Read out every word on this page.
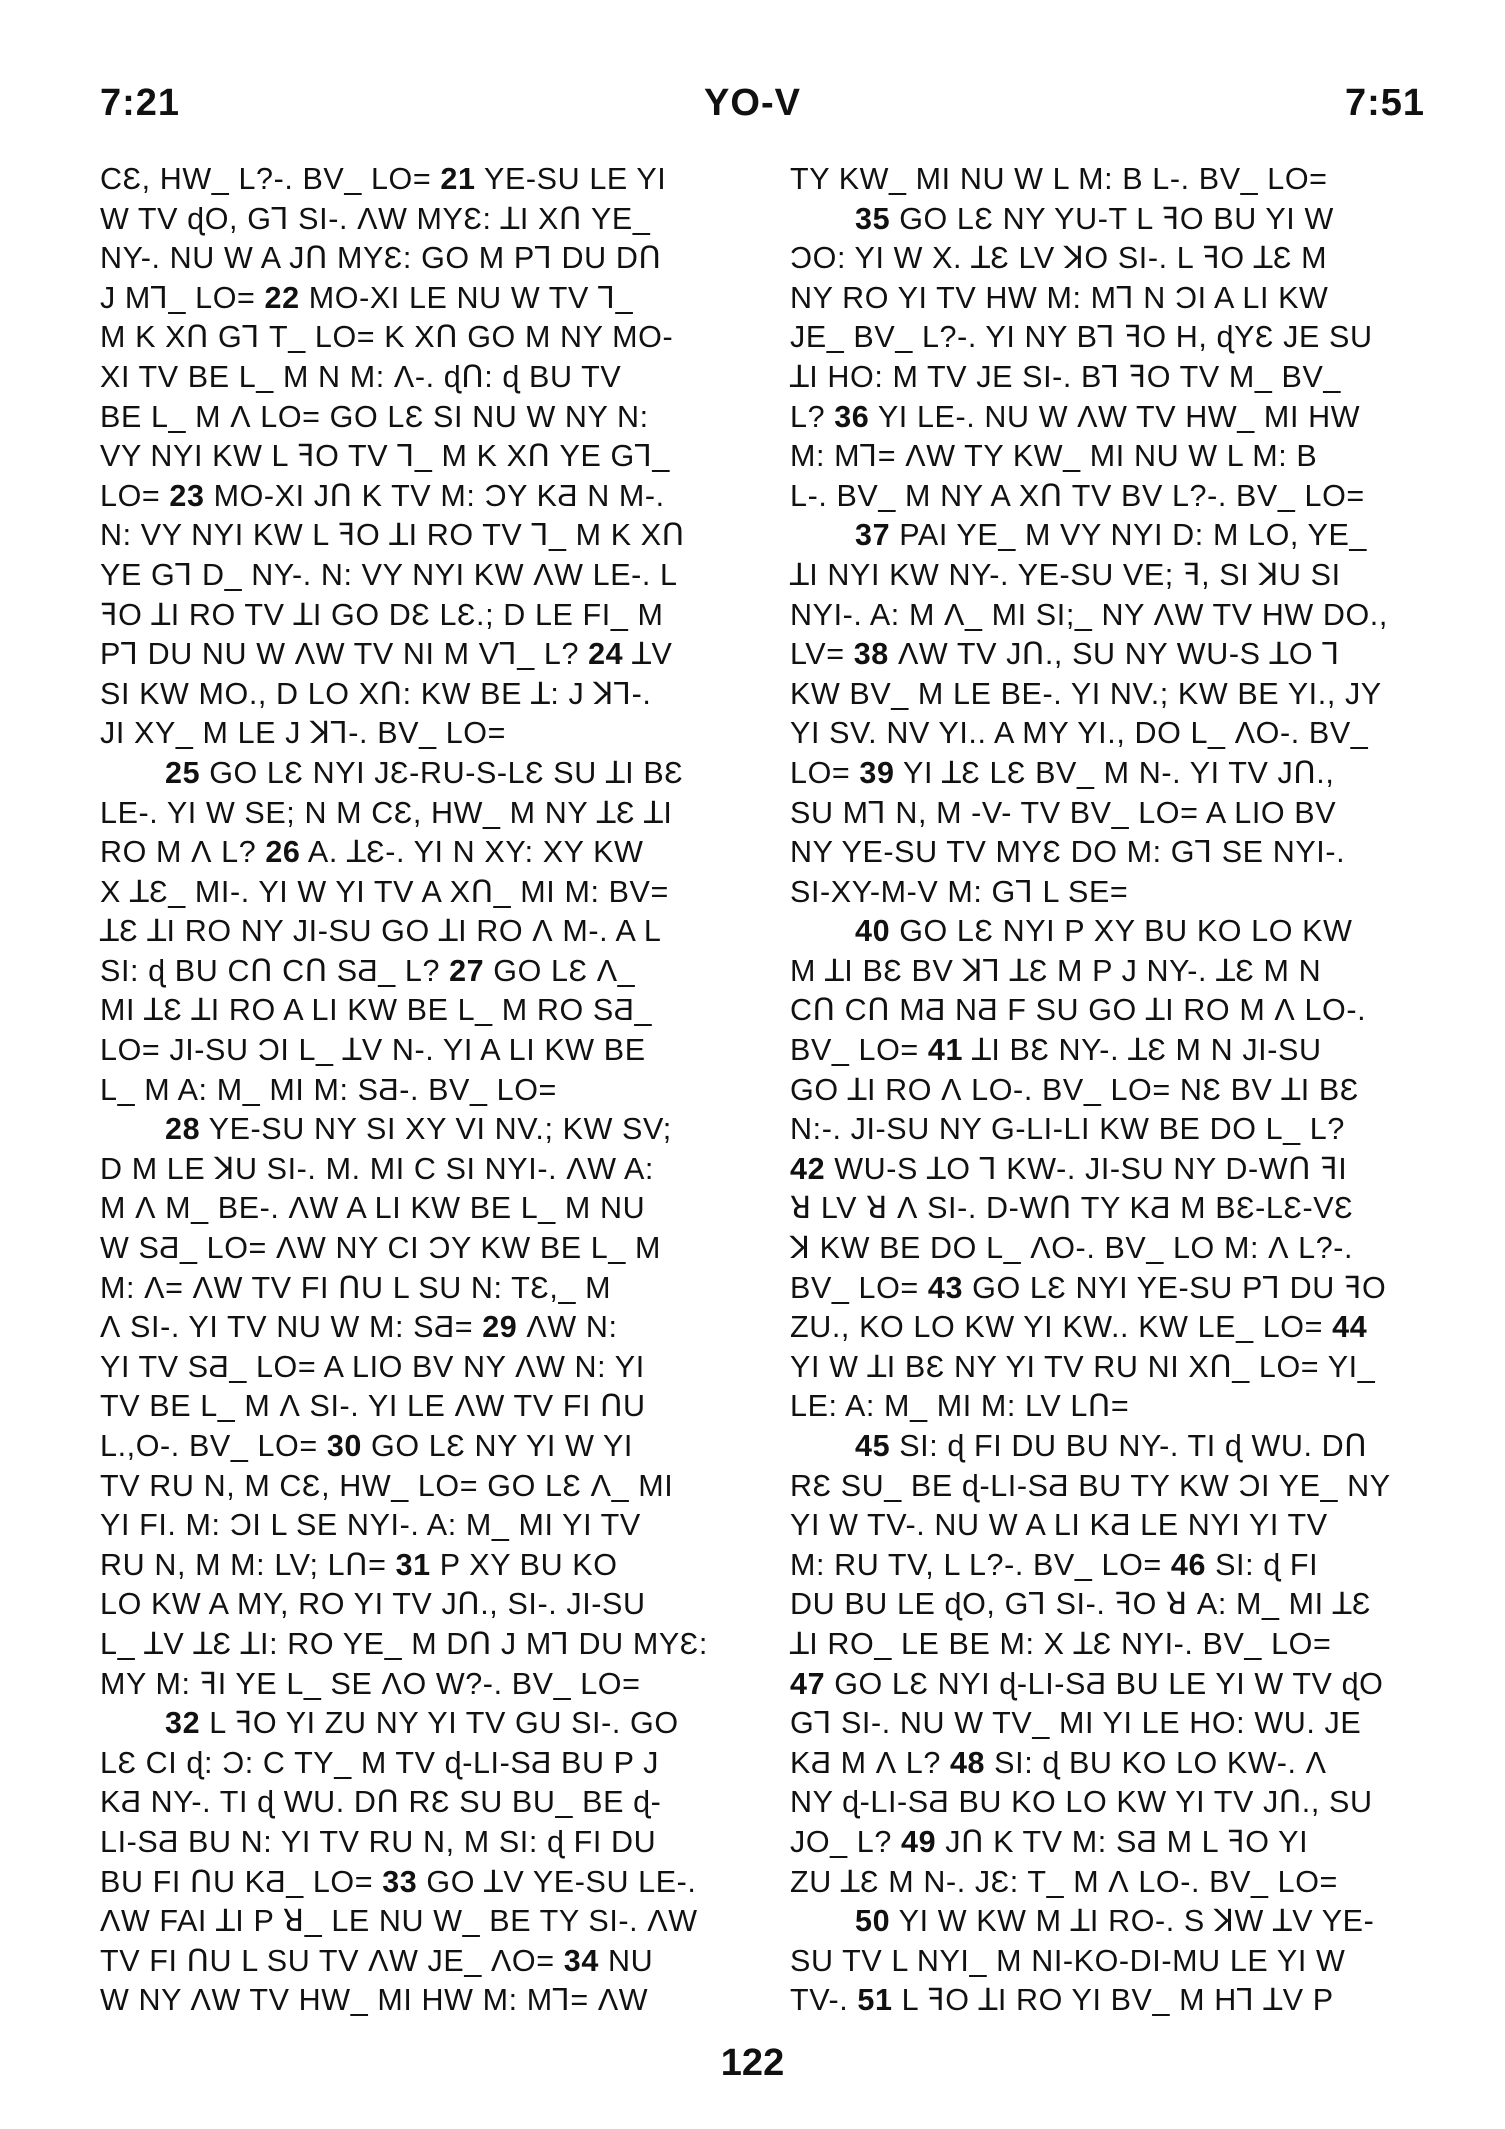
7:21	YO-V	7:51
CƐ, HW_ L?-. BV_ LO= 21 YE-SU LE YI
W TV ɖO, Gꓶ SI-. ɅW MYƐ: ꓕI XՈ YE_
NY-. NU W A JՈ MYƐ: GO M Pꓶ DU DՈ
J Mꓶ_ LO= 22 MO-XI LE NU W TV ꓶ_
M K XՈ Gꓶ T_ LO= K XՈ GO M NY MO-
XI TV BE L_ M N M: Ʌ-. ɖՈ: ɖ BU TV
BE L_ M Ʌ LO= GO LƐ SI NU W NY N:
VY NYI KW L ꟻO TV ꓶ_ M K XՈ YE Gꓶ_
LO= 23 MO-XI JՈ K TV M: ƆY KƋ N M-.
N: VY NYI KW L ꟻO ꓕI RO TV ꓶ_ M K XՈ
YE Gꓶ D_ NY-. N: VY NYI KW ɅW LE-. L
ꟻO ꓕI RO TV ꓕI GO DƐ LƐ.; D LE FI_ M
Pꓶ DU NU W ɅW TV NI M Vꓶ_ L? 24 ꓕV
SI KW MO., D LO XՈ: KW BE ꓕ: J ꓘꓶ-.
JI XY_ M LE J ꓘꓶ-. BV_ LO=
25 GO LƐ NYI JƐ-RU-S-LƐ SU ꓕI BƐ
LE-. YI W SE; N M CƐ, HW_ M NY ꓕƐ ꓕI
RO M Ʌ L? 26 A. ꓕƐ-. YI N XY: XY KW
X ꓕƐ_ MI-. YI W YI TV A XՈ_ MI M: BV=
ꓕƐ ꓕI RO NY JI-SU GO ꓕI RO Ʌ M-. A L
SI: ɖ BU CՈ CՈ SƋ_ L? 27 GO LƐ Ʌ_
MI ꓕƐ ꓕI RO A LI KW BE L_ M RO SƋ_
LO= JI-SU ƆI L_ ꓕV N-. YI A LI KW BE
L_ M A: M_ MI M: SƋ-. BV_ LO=
28 YE-SU NY SI XY VI NV.; KW SV;
D M LE ꓘU SI-. M. MI C SI NYI-. ɅW A:
M Ʌ M_ BE-. ɅW A LI KW BE L_ M NU
W SƋ_ LO= ɅW NY CI ƆY KW BE L_ M
M: Ʌ= ɅW TV FI ꓵU L SU N: TƐ,_ M
Ʌ SI-. YI TV NU W M: SƋ= 29 ɅW N:
YI TV SƋ_ LO= A LIO BV NY ɅW N: YI
TV BE L_ M Ʌ SI-. YI LE ɅW TV FI ꓵU
L.,O-. BV_ LO= 30 GO LƐ NY YI W YI
TV RU N, M CƐ, HW_ LO= GO LƐ Ʌ_ MI
YI FI. M: ƆI L SE NYI-. A: M_ MI YI TV
RU N, M M: LV; LՈ= 31 P XY BU KO
LO KW A MY, RO YI TV JՈ., SI-. JI-SU
L_ ꓕV ꓕƐ ꓕI: RO YE_ M DՈ J Mꓶ DU MYƐ:
MY M: ꟻI YE L_ SE ɅO W?-. BV_ LO=
32 L ꟻO YI ZU NY YI TV GU SI-. GO
LƐ CI ɖ: Ɔ: C TY_ M TV ɖ-LI-SƋ BU P J
KƋ NY-. TI ɖ WU. DՈ RƐ SU BU_ BE ɖ-
LI-SƋ BU N: YI TV RU N, M SI: ɖ FI DU
BU FI ꓵU KƋ_ LO= 33 GO ꓕV YE-SU LE-.
ɅW FAI ꓕI P ꓤ_ LE NU W_ BE TY SI-. ɅW
TV FI ꓵU L SU TV ɅW JE_ ɅO= 34 NU
W NY ɅW TV HW_ MI HW M: Mꓶ= ɅW
TY KW_ MI NU W L M: B L-. BV_ LO=
35 GO LƐ NY YU-T L ꟻO BU YI W
ƆO: YI W X. ꓕƐ LV ꓘO SI-. L ꟻO ꓕƐ M
NY RO YI TV HW M: Mꓶ N ƆI A LI KW
JE_ BV_ L?-. YI NY Bꓶ ꟻO H, ɖYƐ JE SU
ꓕI HO: M TV JE SI-. Bꓶ ꟻO TV M_ BV_
L? 36 YI LE-. NU W ɅW TV HW_ MI HW
M: Mꓶ= ɅW TY KW_ MI NU W L M: B
L-. BV_ M NY A XՈ TV BV L?-. BV_ LO=
37 PAI YE_ M VY NYI D: M LO, YE_
ꓕI NYI KW NY-. YE-SU VE; ꟻ, SI ꓘU SI
NYI-. A: M Ʌ_ MI SI;_ NY ɅW TV HW DO.,
LV= 38 ɅW TV JՈ., SU NY WU-S ꓕO ꓶ
KW BV_ M LE BE-. YI NV.; KW BE YI., JY
YI SV. NV YI.. A MY YI., DO L_ ɅO-. BV_
LO= 39 YI ꓕƐ LƐ BV_ M N-. YI TV JՈ.,
SU Mꓶ N, M -V- TV BV_ LO= A LIO BV
NY YE-SU TV MYƐ DO M: Gꓶ SE NYI-.
SI-XY-M-V M: Gꓶ L SE=
40 GO LƐ NYI P XY BU KO LO KW
M ꓕI BƐ BV ꓘꓶ ꓕƐ M P J NY-. ꓕƐ M N
CՈ CՈ MƋ NƋ F SU GO ꓕI RO M Ʌ LO-.
BV_ LO= 41 ꓕI BƐ NY-. ꓕƐ M N JI-SU
GO ꓕI RO Ʌ LO-. BV_ LO= NƐ BV ꓕI BƐ
N:-. JI-SU NY G-LI-LI KW BE DO L_ L?
42 WU-S ꓕO ꓶ KW-. JI-SU NY D-WՈ ꟻI
ꓤ LV ꓤ Ʌ SI-. D-WՈ TY KƋ M BƐ-LƐ-VƐ
ꓘ KW BE DO L_ ɅO-. BV_ LO M: Ʌ L?-.
BV_ LO= 43 GO LƐ NYI YE-SU Pꓶ DU ꟻO
ZU., KO LO KW YI KW.. KW LE_ LO= 44
YI W ꓕI BƐ NY YI TV RU NI XՈ_ LO= YI_
LE: A: M_ MI M: LV LՈ=
45 SI: ɖ FI DU BU NY-. TI ɖ WU. DՈ
RƐ SU_ BE ɖ-LI-SƋ BU TY KW ƆI YE_ NY
YI W TV-. NU W A LI KƋ LE NYI YI TV
M: RU TV, L L?-. BV_ LO= 46 SI: ɖ FI
DU BU LE ɖO, Gꓶ SI-. ꟻO ꓤ A: M_ MI ꓕƐ
ꓕI RO_ LE BE M: X ꓕƐ NYI-. BV_ LO=
47 GO LƐ NYI ɖ-LI-SƋ BU LE YI W TV ɖO
Gꓶ SI-. NU W TV_ MI YI LE HO: WU. JE
KƋ M Ʌ L? 48 SI: ɖ BU KO LO KW-. Ʌ
NY ɖ-LI-SƋ BU KO LO KW YI TV JՈ., SU
JO_ L? 49 JՈ K TV M: SƋ M L ꟻO YI
ZU ꓕƐ M N-. JƐ: T_ M Ʌ LO-. BV_ LO=
50 YI W KW M ꓕI RO-. S ꓘW ꓕV YE-
SU TV L NYI_ M NI-KO-DI-MU LE YI W
TV-. 51 L ꟻO ꓕI RO YI BV_ M Hꓶ ꓕV P
122
